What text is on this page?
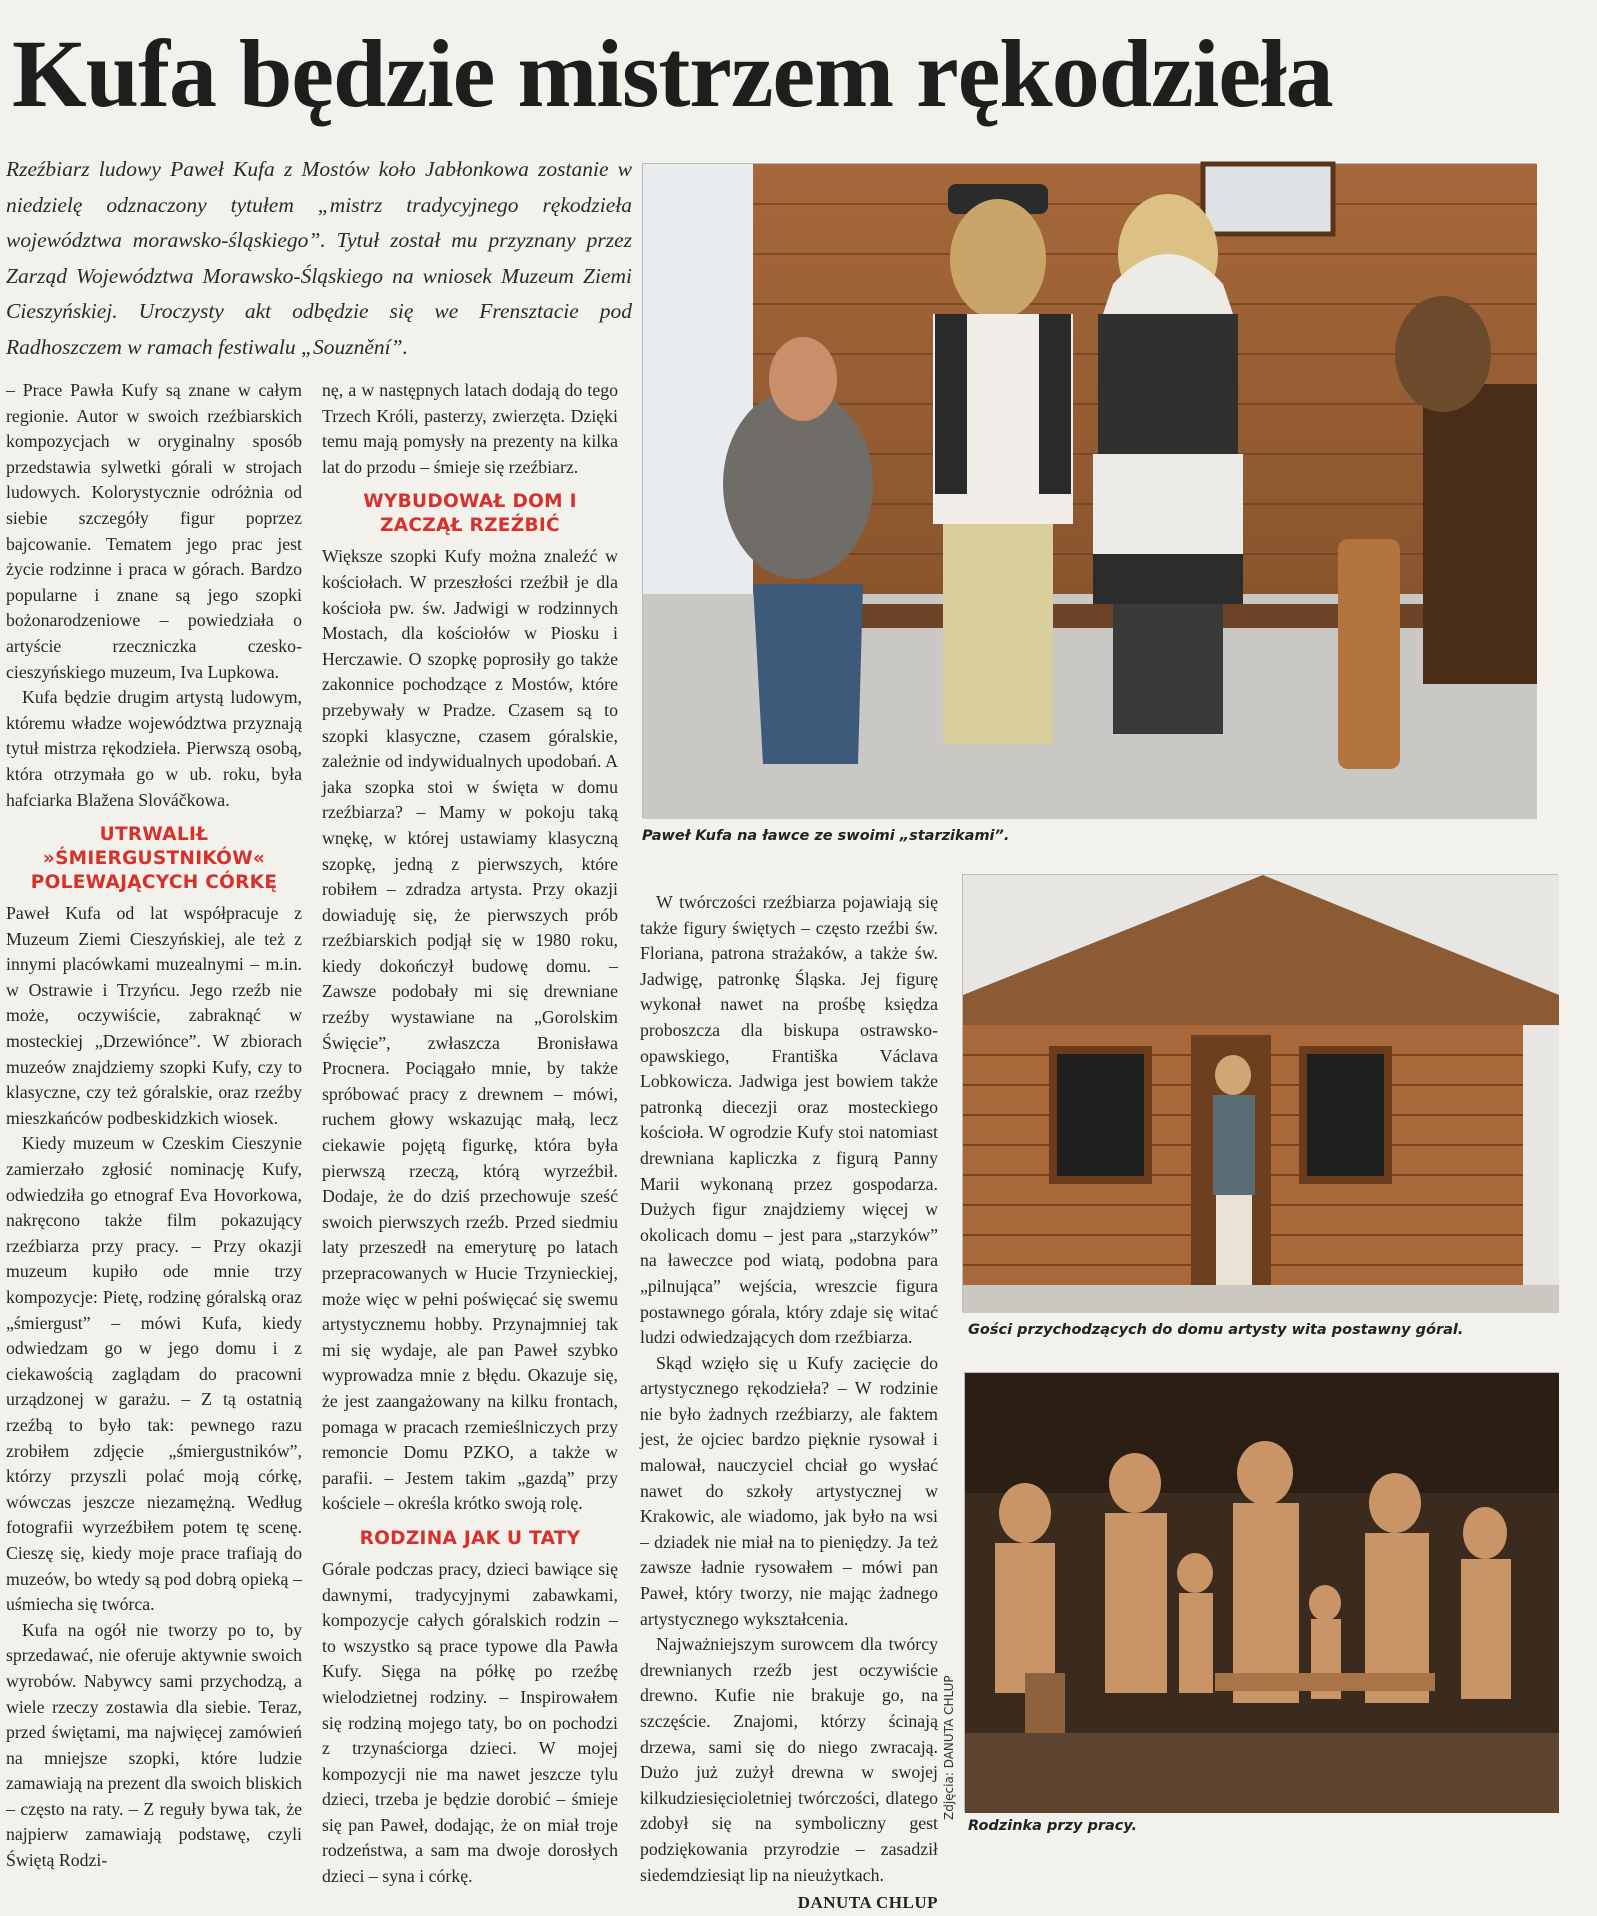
Kufa będzie mistrzem rękodzieła

Rzeźbiarz ludowy Paweł Kufa z Mostów koło Jabłonkowa zostanie w niedzielę odznaczony tytułem „mistrz tradycyjnego rękodzieła województwa morawsko-śląskiego”. Tytuł został mu przyznany przez Zarząd Województwa Morawsko-Śląskiego na wniosek Muzeum Ziemi Cieszyńskiej. Uroczysty akt odbędzie się we Frensztacie pod Radhoszczem w ramach festiwalu „Souznění”.

– Prace Pawła Kufy są znane w całym regionie. Autor w swoich rzeźbiarskich kompozycjach w oryginalny sposób przedstawia sylwetki górali w strojach ludowych. Kolorystycznie odróżnia od siebie szczegóły figur poprzez bajcowanie. Tematem jego prac jest życie rodzinne i praca w górach. Bardzo popularne i znane są jego szopki bożonarodzeniowe – powiedziała o artyście rzeczniczka czesko-cieszyńskiego muzeum, Iva Lupkowa.

Kufa będzie drugim artystą ludowym, któremu władze województwa przyznają tytuł mistrza rękodzieła. Pierwszą osobą, która otrzymała go w ub. roku, była hafciarka Blažena Slováčkowa.

UTRWALIŁ »ŚMIERGUSTNIKÓW« POLEWAJĄCYCH CÓRKĘ

Paweł Kufa od lat współpracuje z Muzeum Ziemi Cieszyńskiej, ale też z innymi placówkami muzealnymi – m.in. w Ostrawie i Trzyńcu. Jego rzeźb nie może, oczywiście, zabraknąć w mosteckiej „Drzewiónce”. W zbiorach muzeów znajdziemy szopki Kufy, czy to klasyczne, czy też góralskie, oraz rzeźby mieszkańców podbeskidzkich wiosek.

Kiedy muzeum w Czeskim Cieszynie zamierzało zgłosić nominację Kufy, odwiedziła go etnograf Eva Hovorkowa, nakręcono także film pokazujący rzeźbiarza przy pracy. – Przy okazji muzeum kupiło ode mnie trzy kompozycje: Pietę, rodzinę góralską oraz „śmiergust” – mówi Kufa, kiedy odwiedzam go w jego domu i z ciekawością zaglądam do pracowni urządzonej w garażu. – Z tą ostatnią rzeźbą to było tak: pewnego razu zrobiłem zdjęcie „śmiergustników”, którzy przyszli polać moją córkę, wówczas jeszcze niezamężną. Według fotografii wyrzeźbiłem potem tę scenę. Cieszę się, kiedy moje prace trafiają do muzeów, bo wtedy są pod dobrą opieką – uśmiecha się twórca.

Kufa na ogół nie tworzy po to, by sprzedawać, nie oferuje aktywnie swoich wyrobów. Nabywcy sami przychodzą, a wiele rzeczy zostawia dla siebie. Teraz, przed świętami, ma najwięcej zamówień na mniejsze szopki, które ludzie zamawiają na prezent dla swoich bliskich – często na raty. – Z reguły bywa tak, że najpierw zamawiają podstawę, czyli Świętą Rodzi-

nę, a w następnych latach dodają do tego Trzech Króli, pasterzy, zwierzęta. Dzięki temu mają pomysły na prezenty na kilka lat do przodu – śmieje się rzeźbiarz.

WYBUDOWAŁ DOM I ZACZĄŁ RZEŹBIĆ

Większe szopki Kufy można znaleźć w kościołach. W przeszłości rzeźbił je dla kościoła pw. św. Jadwigi w rodzinnych Mostach, dla kościołów w Piosku i Herczawie. O szopkę poprosiły go także zakonnice pochodzące z Mostów, które przebywały w Pradze. Czasem są to szopki klasyczne, czasem góralskie, zależnie od indywidualnych upodobań. A jaka szopka stoi w święta w domu rzeźbiarza? – Mamy w pokoju taką wnękę, w której ustawiamy klasyczną szopkę, jedną z pierwszych, które robiłem – zdradza artysta. Przy okazji dowiaduję się, że pierwszych prób rzeźbiarskich podjął się w 1980 roku, kiedy dokończył budowę domu. – Zawsze podobały mi się drewniane rzeźby wystawiane na „Gorolskim Święcie”, zwłaszcza Bronisława Procnera. Pociągało mnie, by także spróbować pracy z drewnem – mówi, ruchem głowy wskazując małą, lecz ciekawie pojętą figurkę, która była pierwszą rzeczą, którą wyrzeźbił. Dodaje, że do dziś przechowuje sześć swoich pierwszych rzeźb. Przed siedmiu laty przeszedł na emeryturę po latach przepracowanych w Hucie Trzynieckiej, może więc w pełni poświęcać się swemu artystycznemu hobby. Przynajmniej tak mi się wydaje, ale pan Paweł szybko wyprowadza mnie z błędu. Okazuje się, że jest zaangażowany na kilku frontach, pomaga w pracach rzemieślniczych przy remoncie Domu PZKO, a także w parafii. – Jestem takim „gazdą” przy kościele – określa krótko swoją rolę.

RODZINA JAK U TATY

Górale podczas pracy, dzieci bawiące się dawnymi, tradycyjnymi zabawkami, kompozycje całych góralskich rodzin – to wszystko są prace typowe dla Pawła Kufy. Sięga na półkę po rzeźbę wielodzietnej rodziny. – Inspirowałem się rodziną mojego taty, bo on pochodzi z trzynaściorga dzieci. W mojej kompozycji nie ma nawet jeszcze tylu dzieci, trzeba je będzie dorobić – śmieje się pan Paweł, dodając, że on miał troje rodzeństwa, a sam ma dwoje dorosłych dzieci – syna i córkę.

W twórczości rzeźbiarza pojawiają się także figury świętych – często rzeźbi św. Floriana, patrona strażaków, a także św. Jadwigę, patronkę Śląska. Jej figurę wykonał nawet na prośbę księdza proboszcza dla biskupa ostrawsko-opawskiego, Františka Václava Lobkowicza. Jadwiga jest bowiem także patronką diecezji oraz mosteckiego kościoła. W ogrodzie Kufy stoi natomiast drewniana kapliczka z figurą Panny Marii wykonaną przez gospodarza. Dużych figur znajdziemy więcej w okolicach domu – jest para „starzyków” na ławeczce pod wiatą, podobna para „pilnująca” wejścia, wreszcie figura postawnego górala, który zdaje się witać ludzi odwiedzających dom rzeźbiarza.

Skąd wzięło się u Kufy zacięcie do artystycznego rękodzieła? – W rodzinie nie było żadnych rzeźbiarzy, ale faktem jest, że ojciec bardzo pięknie rysował i malował, nauczyciel chciał go wysłać nawet do szkoły artystycznej w Krakowic, ale wiadomo, jak było na wsi – dziadek nie miał na to pieniędzy. Ja też zawsze ładnie rysowałem – mówi pan Paweł, który tworzy, nie mając żadnego artystycznego wykształcenia.

Najważniejszym surowcem dla twórcy drewnianych rzeźb jest oczywiście drewno. Kufie nie brakuje go, na szczęście. Znajomi, którzy ścinają drzewa, sami się do niego zwracają. Dużo już zużył drewna w swojej kilkudziesięcioletniej twórczości, dlatego zdobył się na symboliczny gest podziękowania przyrodzie – zasadził siedemdziesiąt lip na nieużytkach.

DANUTA CHLUP
Paweł Kufa na ławce ze swoimi „starzikami”.
Gości przychodzących do domu artysty wita postawny góral.
Rodzinka przy pracy.
Zdjęcia: DANUTA CHLUP
